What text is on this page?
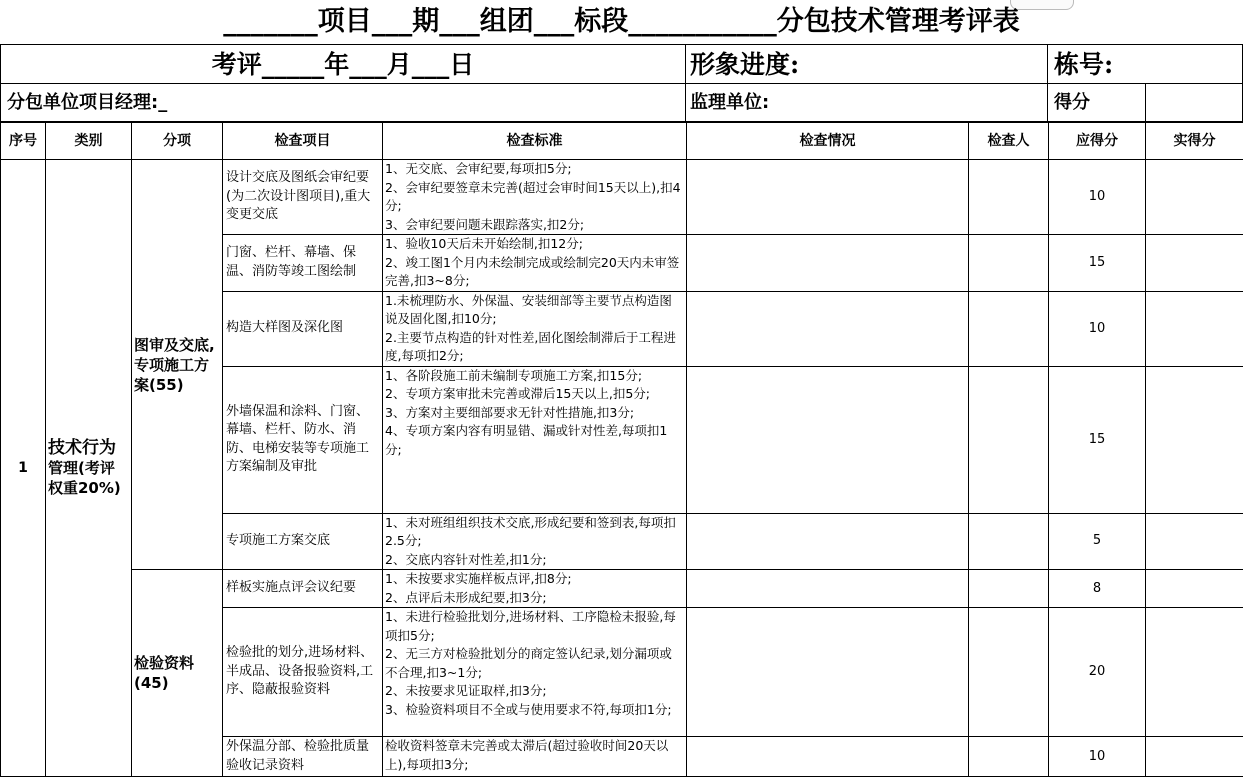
_______项目___期___组团___标段___________分包技术管理考评表
考评_____年___月___日	形象进度:	栋号:
分包单位项目经理:_	监理单位:	得分
序号	类别	分项	检查项目	检查标准	检查情况	检查人	应得分	实得分
1	技术行为管理(考评权重20%)	图审及交底,专项施工方案(55)	设计交底及图纸会审纪要(为二次设计图项目),重大变更交底	1、无交底、会审纪要,每项扣5分;
2、会审纪要签章未完善(超过会审时间15天以上),扣4分;
3、会审纪要问题未跟踪落实,扣2分;			10	
			门窗、栏杆、幕墙、保温、消防等竣工图绘制	1、验收10天后未开始绘制,扣12分;
2、竣工图1个月内未绘制完成或绘制完20天内未审签完善,扣3~8分;			15	
			构造大样图及深化图	1.未梳理防水、外保温、安装细部等主要节点构造图说及固化图,扣10分;
2.主要节点构造的针对性差,固化图绘制滞后于工程进度,每项扣2分;			10	
			外墙保温和涂料、门窗、幕墙、栏杆、防水、消防、电梯安装等专项施工方案编制及审批	1、各阶段施工前未编制专项施工方案,扣15分;
2、专项方案审批未完善或滞后15天以上,扣5分;
3、方案对主要细部要求无针对性措施,扣3分;
4、专项方案内容有明显错、漏或针对性差,每项扣1分;			15	
			专项施工方案交底	1、未对班组组织技术交底,形成纪要和签到表,每项扣2.5分;
2、交底内容针对性差,扣1分;			5	
		检验资料(45)	样板实施点评会议纪要	1、未按要求实施样板点评,扣8分;
2、点评后未形成纪要,扣3分;			8	
			检验批的划分,进场材料、半成品、设备报验资料,工序、隐蔽报验资料	1、未进行检验批划分,进场材料、工序隐检未报验,每项扣5分;
2、无三方对检验批划分的商定签认纪录,划分漏项或不合理,扣3~1分;
2、未按要求见证取样,扣3分;
3、检验资料项目不全或与使用要求不符,每项扣1分;			20	
			外保温分部、检验批质量验收记录资料	检收资料签章未完善或太滞后(超过验收时间20天以上),每项扣3分;			10	
